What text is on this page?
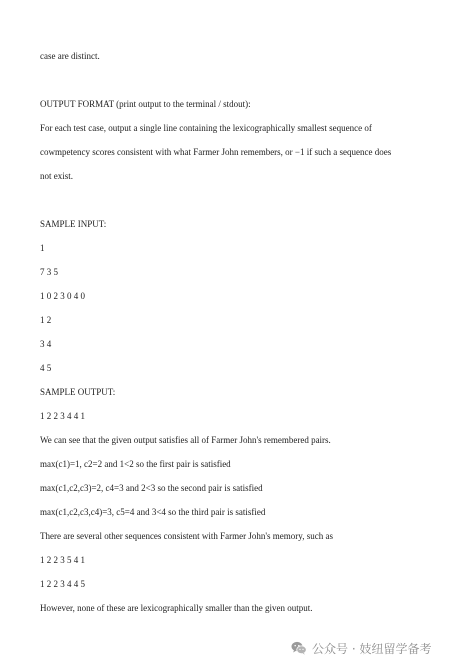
case are distinct.
OUTPUT FORMAT (print output to the terminal / stdout):
For each test case, output a single line containing the lexicographically smallest sequence of
cowmpetency scores consistent with what Farmer John remembers, or −1 if such a sequence does
not exist.
SAMPLE INPUT:
1
7 3 5
1 0 2 3 0 4 0
1 2
3 4
4 5
SAMPLE OUTPUT:
1 2 2 3 4 4 1
We can see that the given output satisfies all of Farmer John's remembered pairs.
max(c1)=1, c2=2 and 1<2 so the first pair is satisfied
max(c1,c2,c3)=2, c4=3 and 2<3 so the second pair is satisfied
max(c1,c2,c3,c4)=3, c5=4 and 3<4 so the third pair is satisfied
There are several other sequences consistent with Farmer John's memory, such as
1 2 2 3 5 4 1
1 2 2 3 4 4 5
However, none of these are lexicographically smaller than the given output.
公众号 · 妓纽留学备考
